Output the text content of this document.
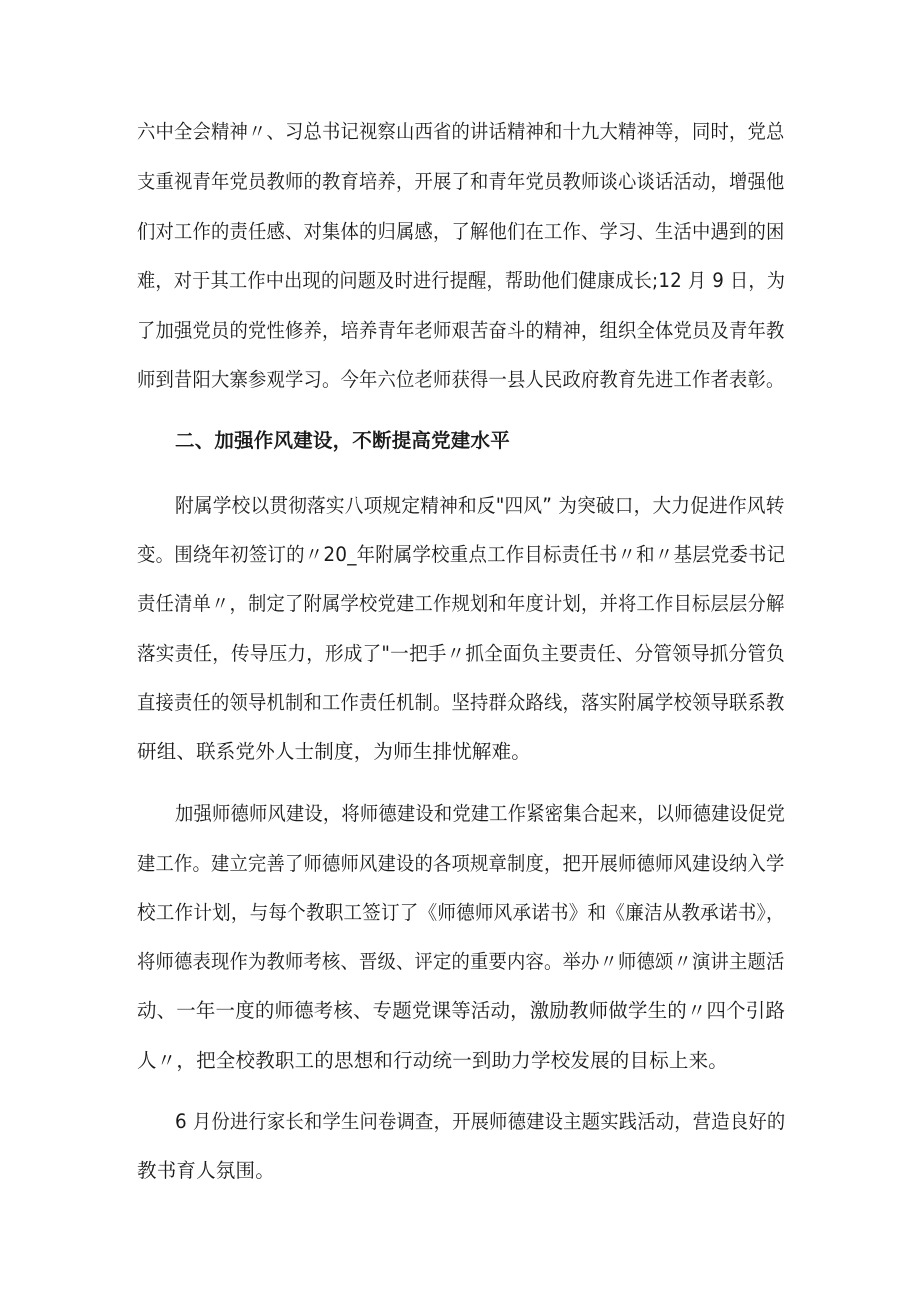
六中全会精神〃、习总书记视察山西省的讲话精神和十九大精神等，同时，党总
支重视青年党员教师的教育培养，开展了和青年党员教师谈心谈话活动，增强他
们对工作的责任感、对集体的归属感，了解他们在工作、学习、生活中遇到的困
难，对于其工作中出现的问题及时进行提醒，帮助他们健康成长;12 月 9 日，为
了加强党员的党性修养，培养青年老师艰苦奋斗的精神，组织全体党员及青年教
师到昔阳大寨参观学习。今年六位老师获得一县人民政府教育先进工作者表彰。
二、加强作风建设，不断提高党建水平
附属学校以贯彻落实八项规定精神和反"四风” 为突破口，大力促进作风转
变。围绕年初签订的〃20_年附属学校重点工作目标责任书〃和〃基层党委书记
责任清单〃，制定了附属学校党建工作规划和年度计划，并将工作目标层层分解
落实责任，传导压力，形成了"一把手〃抓全面负主要责任、分管领导抓分管负
直接责任的领导机制和工作责任机制。坚持群众路线，落实附属学校领导联系教
研组、联系党外人士制度，为师生排忧解难。
加强师德师风建设，将师德建设和党建工作紧密集合起来，以师德建设促党
建工作。建立完善了师德师风建设的各项规章制度，把开展师德师风建设纳入学
校工作计划，与每个教职工签订了《师德师风承诺书》和《廉洁从教承诺书》，
将师德表现作为教师考核、晋级、评定的重要内容。举办〃师德颂〃演讲主题活
动、一年一度的师德考核、专题党课等活动，激励教师做学生的〃四个引路
人〃，把全校教职工的思想和行动统一到助力学校发展的目标上来。
6 月份进行家长和学生问卷调查，开展师德建设主题实践活动，营造良好的
教书育人氛围。
